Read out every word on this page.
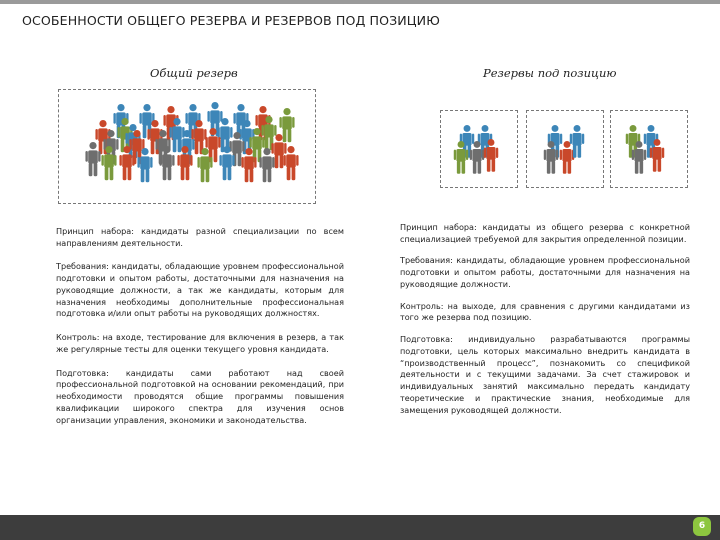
ОСОБЕННОСТИ ОБЩЕГО РЕЗЕРВА И РЕЗЕРВОВ ПОД ПОЗИЦИЮ
Общий резерв	Резервы под позицию

Принцип набора: кандидаты разной специализации по всем направлениям деятельности.

Требования: кандидаты, обладающие уровнем профессиональной подготовки и опытом работы, достаточными для назначения на руководящие должности, а так же кандидаты, которым для назначения необходимы дополнительные профессиональная подготовка и/или опыт работы на руководящих должностях.

Контроль: на входе, тестирование для включения в резерв, а так же регулярные тесты для оценки текущего уровня кандидата.

Подготовка: кандидаты сами работают над своей профессиональной подготовкой на основании рекомендаций, при необходимости проводятся общие программы повышения квалификации широкого спектра для изучения основ организации управления, экономики и законодательства.

Принцип набора: кандидаты из общего резерва с конкретной специализацией требуемой для закрытия определенной позиции.

Требования: кандидаты, обладающие уровнем профессиональной подготовки и опытом работы, достаточными для назначения на руководящие должности.

Контроль: на выходе, для сравнения с другими кандидатами из того же резерва под позицию.

Подготовка: индивидуально разрабатываются программы подготовки, цель которых максимально внедрить кандидата в “производственный процесс”, познакомить со спецификой деятельности и с текущими задачами. За счет стажировок и индивидуальных занятий максимально передать кандидату теоретические и практические знания, необходимые для замещения руководящей должности.

6
